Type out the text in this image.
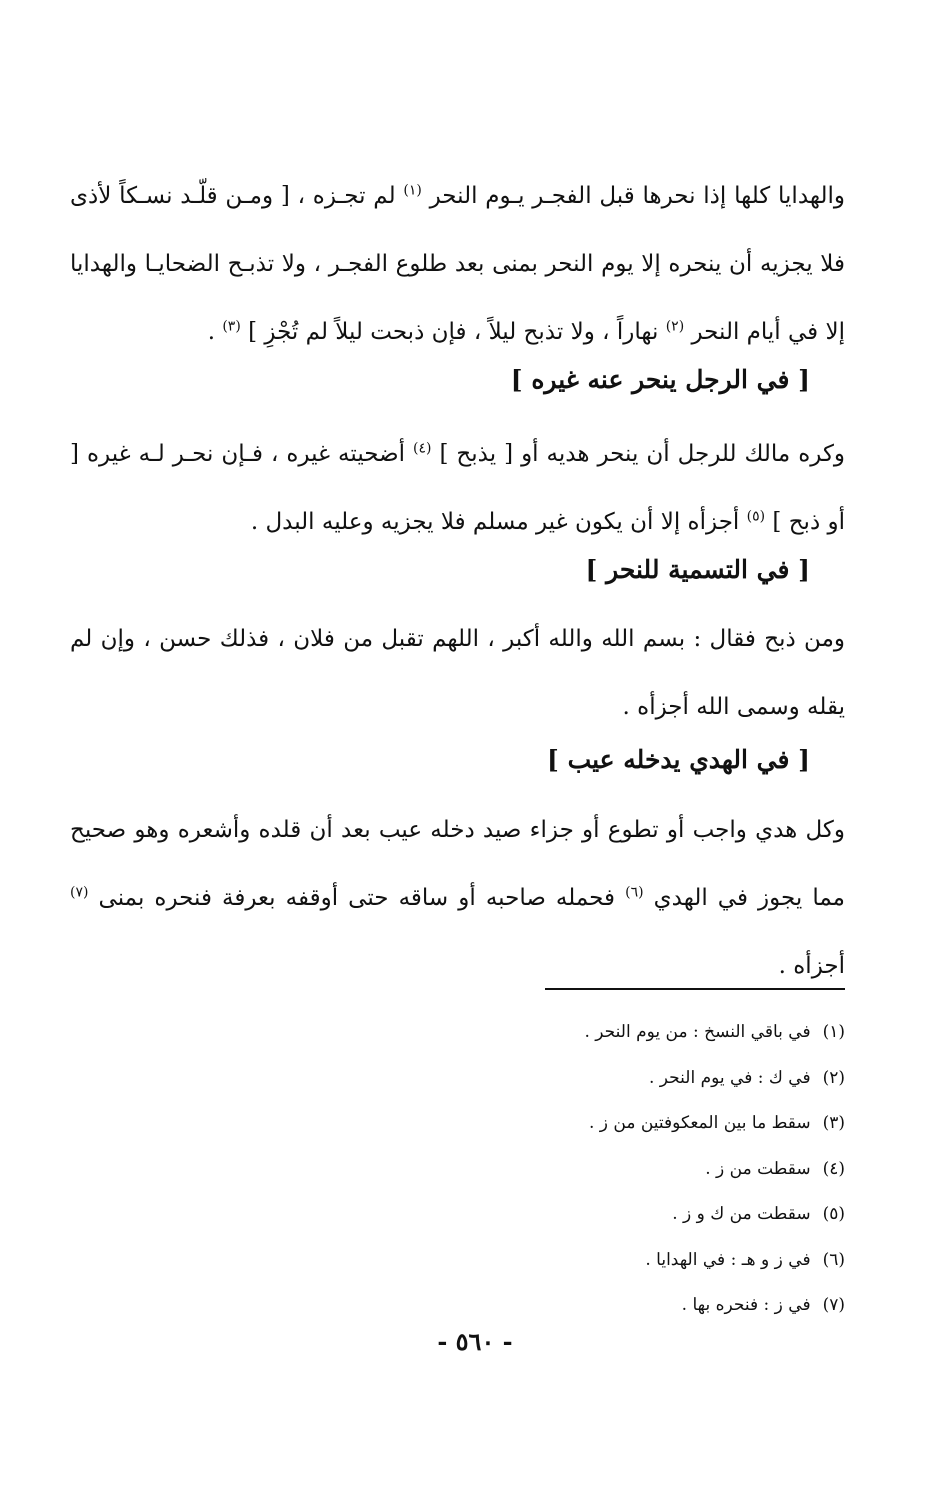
والهدايا كلها إذا نحرها قبل الفجـر يـوم النحر $^{(١)}$ لم تجـزه ، [ ومـن قلّـد نسـكاً لأذى فلا يجزيه أن ينحره إلا يوم النحر بمنى بعد طلوع الفجـر ، ولا تذبـح الضحايـا والهدايا إلا في أيام النحر $^{(٢)}$ نهاراً ، ولا تذبح ليلاً ، فإن ذبحت ليلاً لم تُجْزِ ] $^{(٣)}$ .

[ في الرجل ينحر عنه غيره ]

وكره مالك للرجل أن ينحر هديه أو [ يذبح ] $^{(٤)}$ أضحيته غيره ، فـإن نحـر لـه غيره [ أو ذبح ] $^{(٥)}$ أجزأه إلا أن يكون غير مسلم فلا يجزيه وعليه البدل .

[ في التسمية للنحر ]

ومن ذبح فقال : بسم الله والله أكبر ، اللهم تقبل من فلان ، فذلك حسن ، وإن لم يقله وسمى الله أجزأه .

[ في الهدي يدخله عيب ]

وكل هدي واجب أو تطوع أو جزاء صيد دخله عيب بعد أن قلده وأشعره وهو صحيح مما يجوز في الهدي $^{(٦)}$ فحمله صاحبه أو ساقه حتى أوقفه بعرفة فنحره بمنى $^{(٧)}$ أجزأه .

(١)في باقي النسخ : من يوم النحر .
(٢)في ك : في يوم النحر .
(٣)سقط ما بين المعكوفتين من ز .
(٤)سقطت من ز .
(٥)سقطت من ك و ز .
(٦)في ز و هـ : في الهدايا .
(٧)في ز : فنحره بها .
- ٥٦٠ -
